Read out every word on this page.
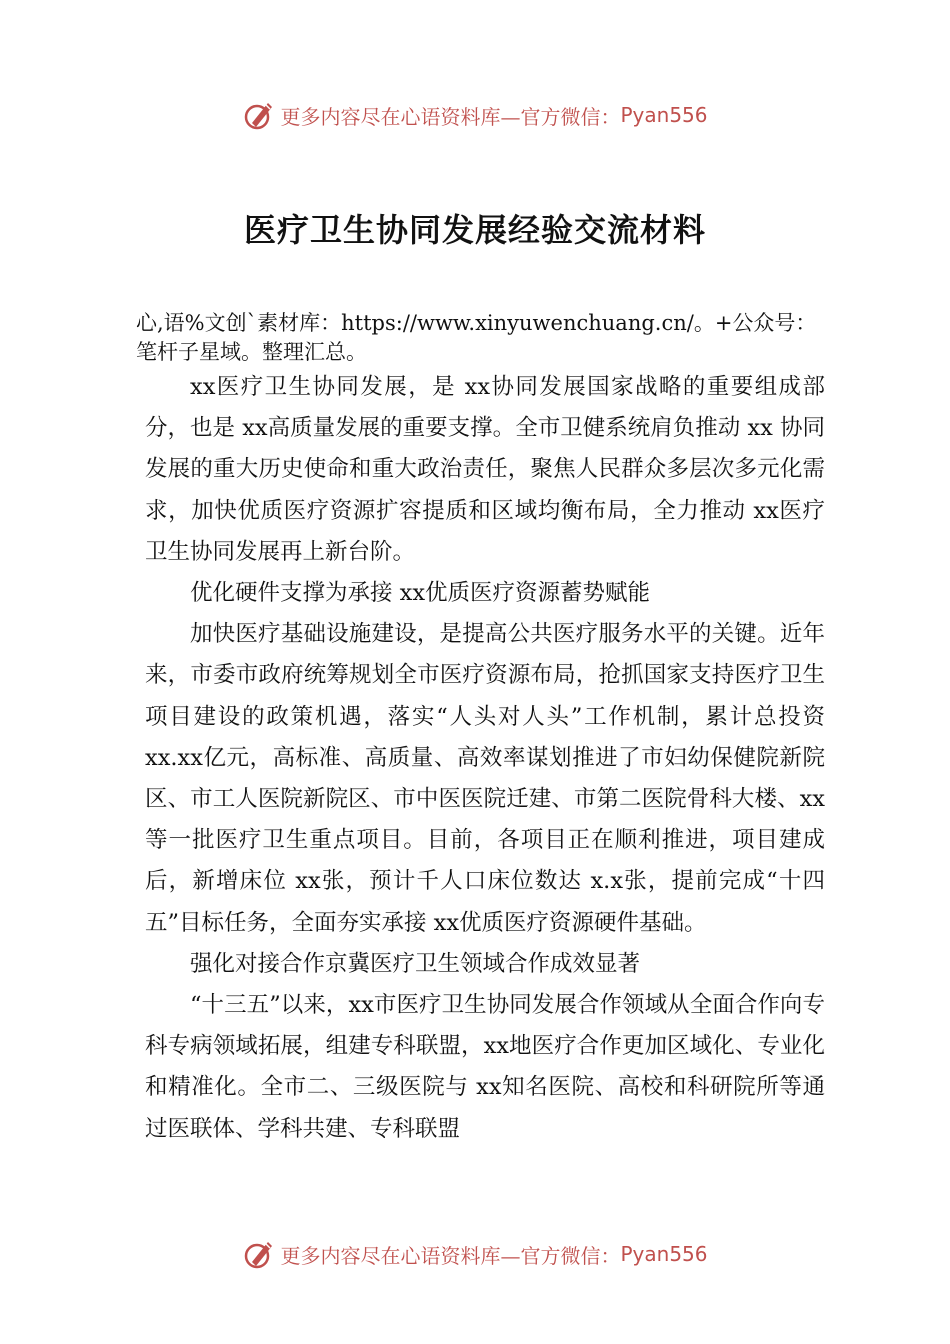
更多内容尽在心语资料库—官方微信： Pyan556
医疗卫生协同发展经验交流材料
心,语%文创`素材库：https://www.xinyuwenchuang.cn/。+公众号：笔杆子星域。整理汇总。

xx医疗卫生协同发展，是 xx协同发展国家战略的重要组成部分，也是 xx高质量发展的重要支撑。全市卫健系统肩负推动 xx 协同发展的重大历史使命和重大政治责任，聚焦人民群众多层次多元化需求，加快优质医疗资源扩容提质和区域均衡布局，全力推动 xx医疗卫生协同发展再上新台阶。

优化硬件支撑为承接 xx优质医疗资源蓄势赋能

加快医疗基础设施建设，是提高公共医疗服务水平的关键。近年来，市委市政府统筹规划全市医疗资源布局，抢抓国家支持医疗卫生项目建设的政策机遇，落实“人头对人头”工作机制，累计总投资 xx.xx亿元，高标准、高质量、高效率谋划推进了市妇幼保健院新院区、市工人医院新院区、市中医医院迁建、市第二医院骨科大楼、xx等一批医疗卫生重点项目。目前，各项目正在顺利推进，项目建成后，新增床位 xx张，预计千人口床位数达 x.x张，提前完成“十四五”目标任务，全面夯实承接 xx优质医疗资源硬件基础。

强化对接合作京冀医疗卫生领域合作成效显著

“十三五”以来，xx市医疗卫生协同发展合作领域从全面合作向专科专病领域拓展，组建专科联盟，xx地医疗合作更加区域化、专业化和精准化。全市二、三级医院与 xx知名医院、高校和科研院所等通过医联体、学科共建、专科联盟

更多内容尽在心语资料库—官方微信： Pyan556
